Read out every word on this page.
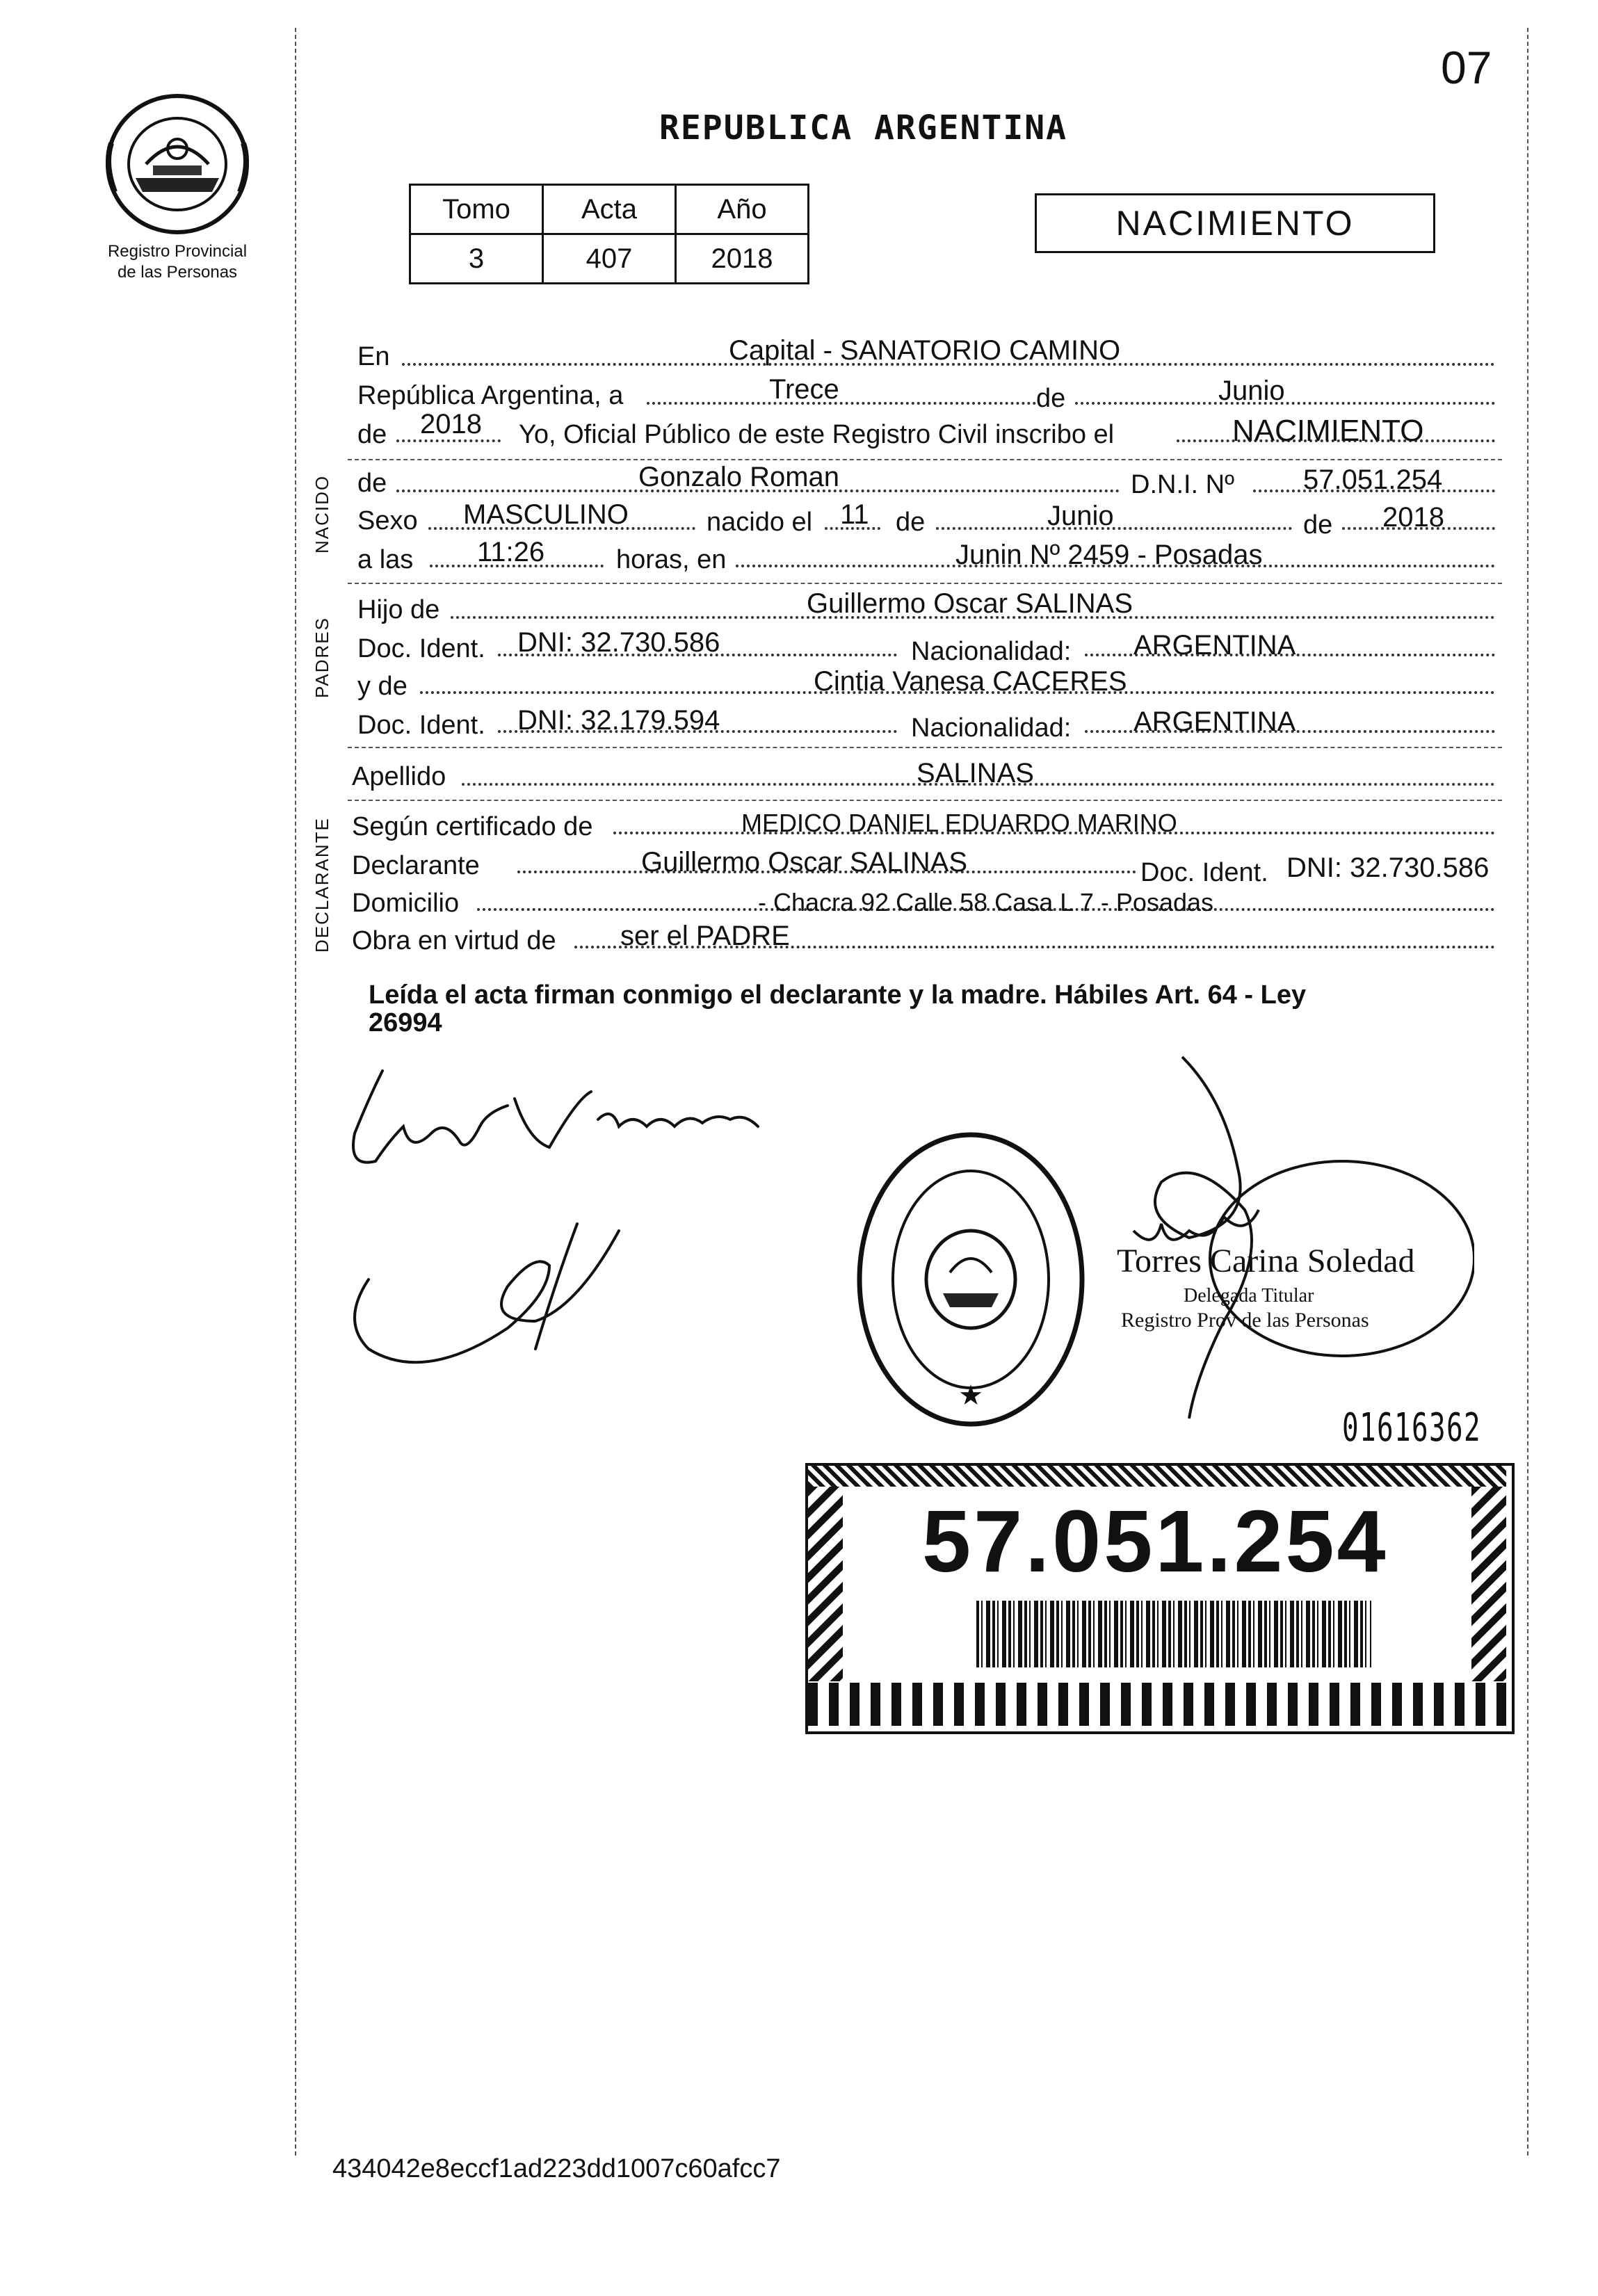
07
Registro Provincial
de las Personas
REPUBLICA ARGENTINA
Tomo	Acta	Año
3	407	2018
NACIMIENTO
NACIDO
PADRES
DECLARANTE
En	Capital - SANATORIO CAMINO
República Argentina, a	Trece	de	Junio
de 2018 Yo, Oficial Público de este Registro Civil inscribo el	NACIMIENTO
de	Gonzalo Roman	D.N.I. Nº 57.051.254
Sexo MASCULINO	nacido el 11 de	Junio	de 2018
a las 11:26	horas, en	Junin Nº 2459 - Posadas
Hijo de	Guillermo Oscar SALINAS
Doc. Ident. DNI: 32.730.586	Nacionalidad: ARGENTINA
y de	Cintia Vanesa CACERES
Doc. Ident. DNI: 32.179.594	Nacionalidad: ARGENTINA
Apellido	SALINAS
Según certificado de	MEDICO DANIEL EDUARDO MARINO
Declarante	Guillermo Oscar SALINAS	Doc. Ident. DNI: 32.730.586
Domicilio	- Chacra 92 Calle 58 Casa L 7 - Posadas
Obra en virtud de ser el PADRE
Leída el acta firman conmigo el declarante y la madre. Hábiles Art. 64 - Ley
26994
★
Torres Carina Soledad
Delegada Titular
Registro Prov de las Personas
01616362
57.051.254
434042e8eccf1ad223dd1007c60afcc7
